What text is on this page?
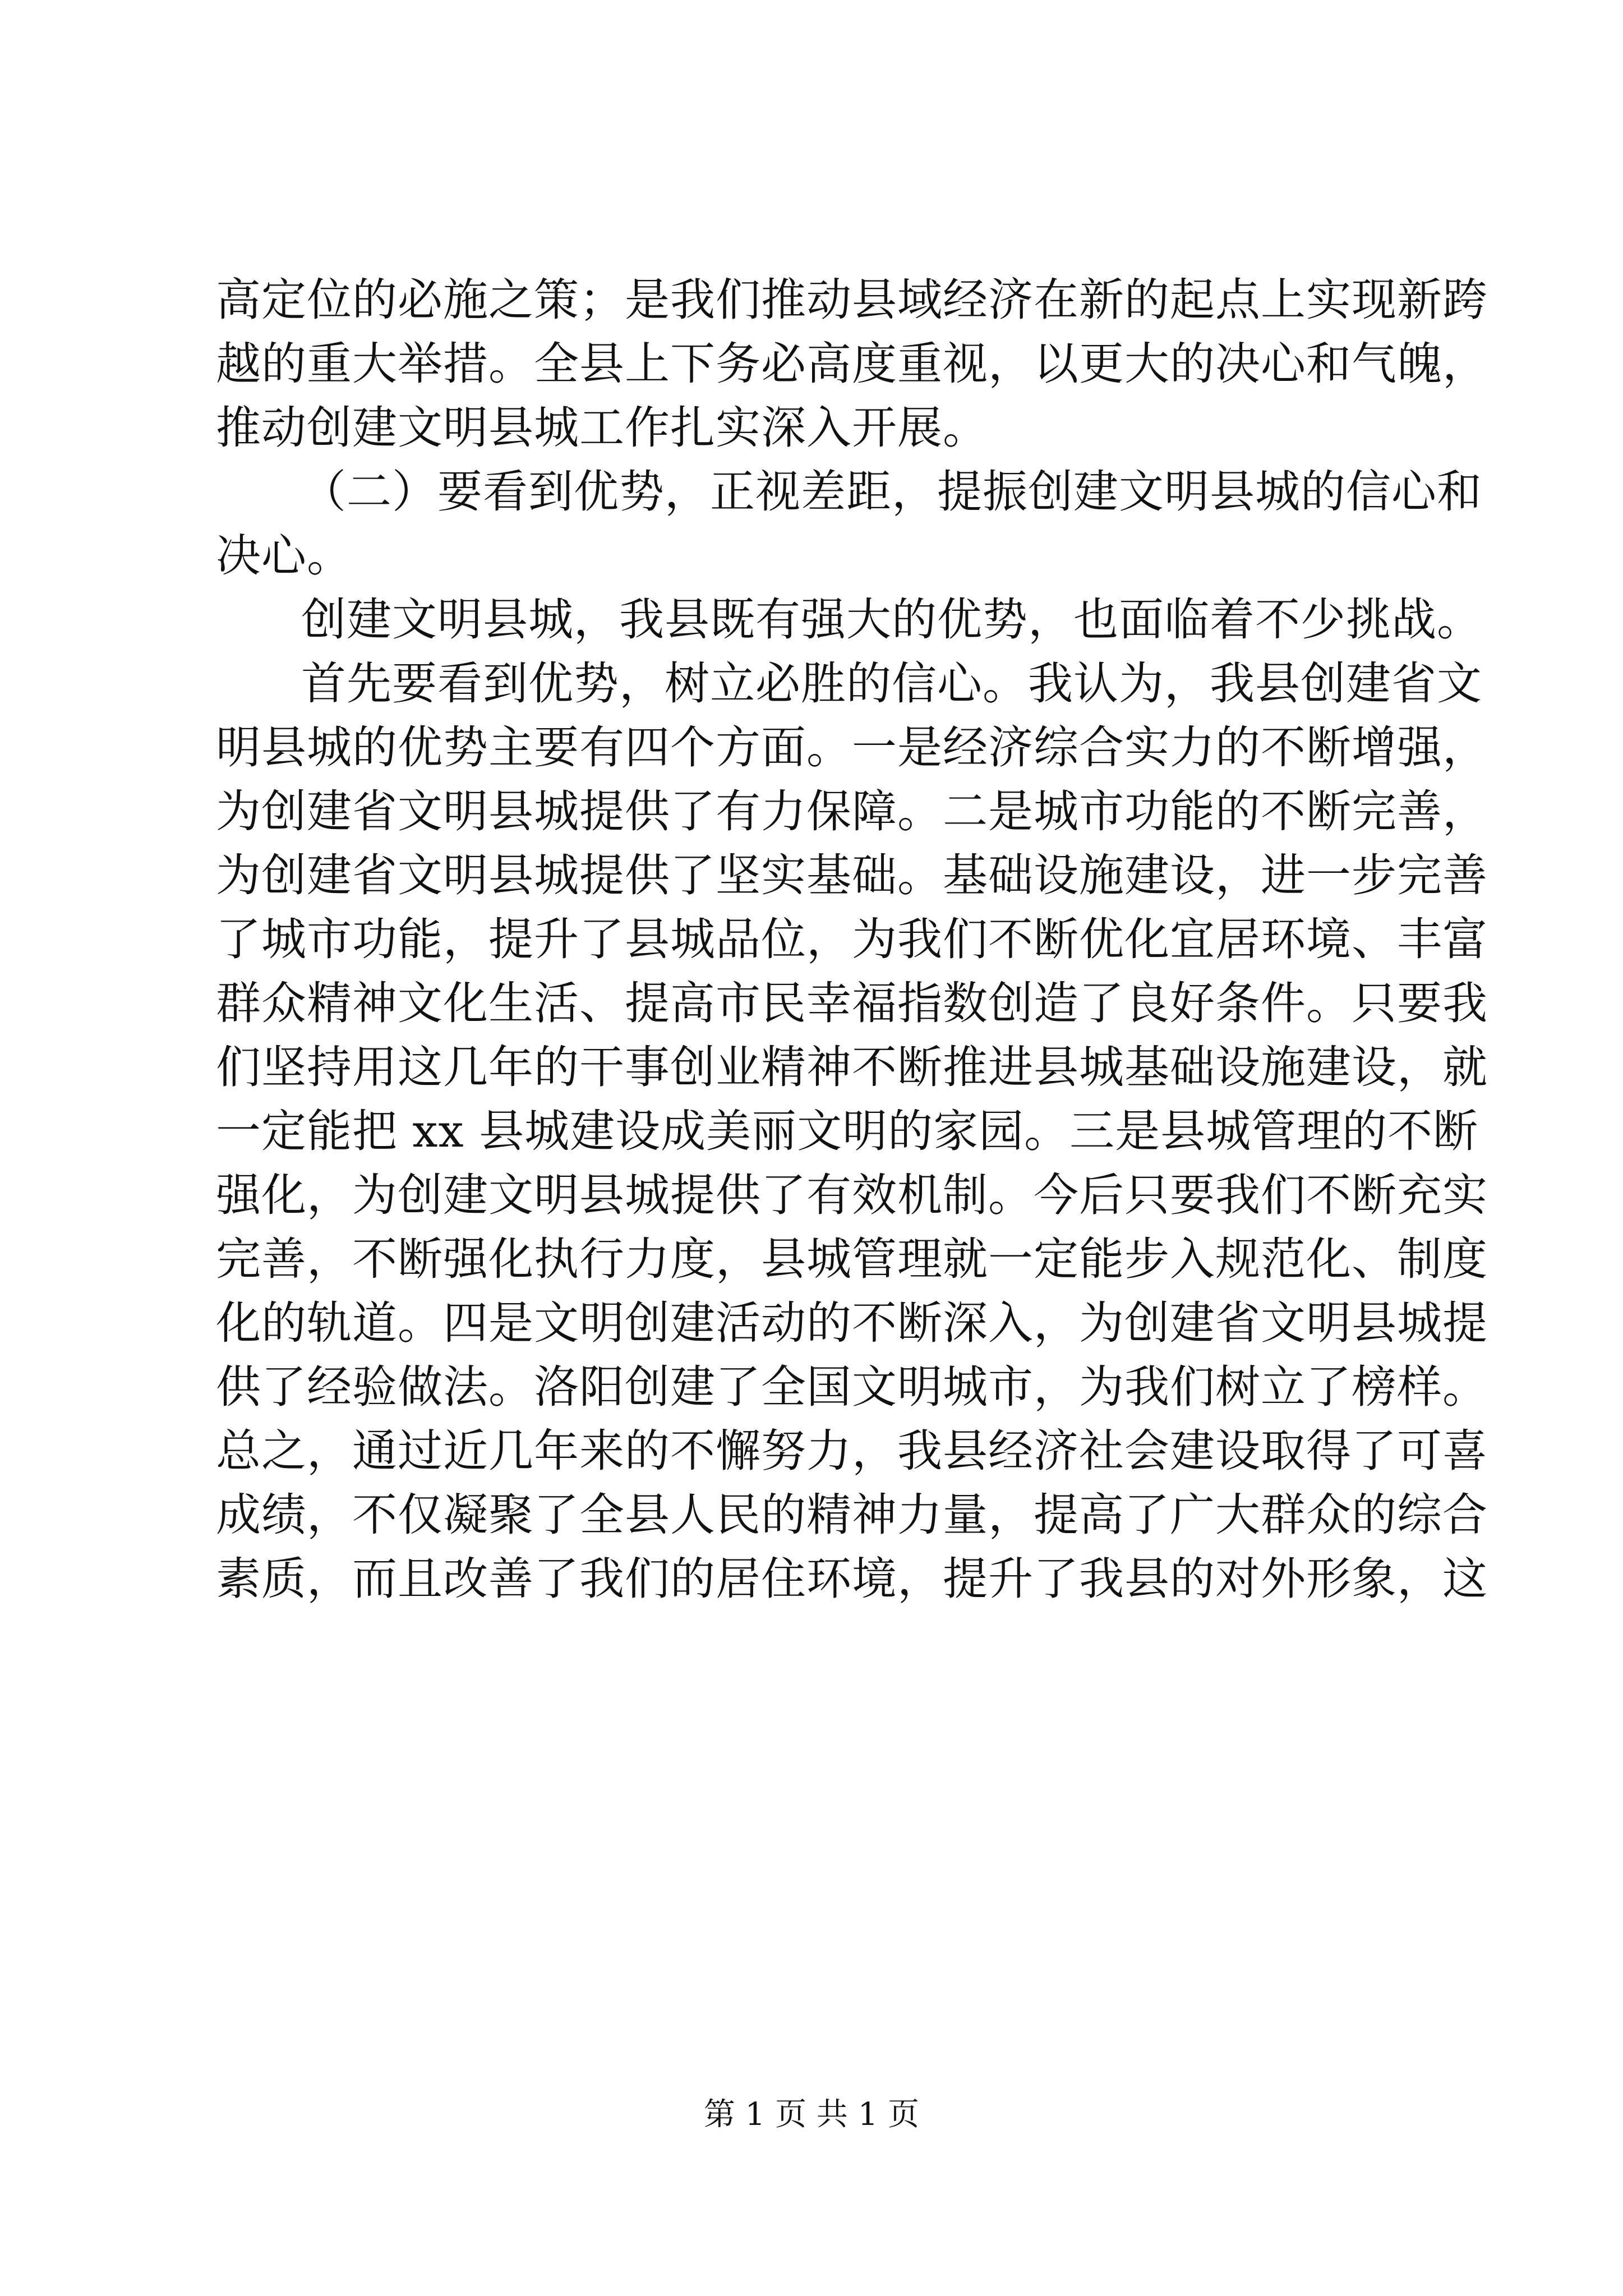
高定位的必施之策；是我们推动县域经济在新的起点上实现新跨
越的重大举措。全县上下务必高度重视，以更大的决心和气魄，
推动创建文明县城工作扎实深入开展。
（二）要看到优势，正视差距，提振创建文明县城的信心和
决心。
创建文明县城，我县既有强大的优势，也面临着不少挑战。
首先要看到优势，树立必胜的信心。我认为，我县创建省文
明县城的优势主要有四个方面。一是经济综合实力的不断增强，
为创建省文明县城提供了有力保障。二是城市功能的不断完善，
为创建省文明县城提供了坚实基础。基础设施建设，进一步完善
了城市功能，提升了县城品位，为我们不断优化宜居环境、丰富
群众精神文化生活、提高市民幸福指数创造了良好条件。只要我
们坚持用这几年的干事创业精神不断推进县城基础设施建设，就
一定能把 xx 县城建设成美丽文明的家园。三是县城管理的不断
强化，为创建文明县城提供了有效机制。今后只要我们不断充实
完善，不断强化执行力度，县城管理就一定能步入规范化、制度
化的轨道。四是文明创建活动的不断深入，为创建省文明县城提
供了经验做法。洛阳创建了全国文明城市，为我们树立了榜样。
总之，通过近几年来的不懈努力，我县经济社会建设取得了可喜
成绩，不仅凝聚了全县人民的精神力量，提高了广大群众的综合
素质，而且改善了我们的居住环境，提升了我县的对外形象，这
第 1 页 共 1 页
